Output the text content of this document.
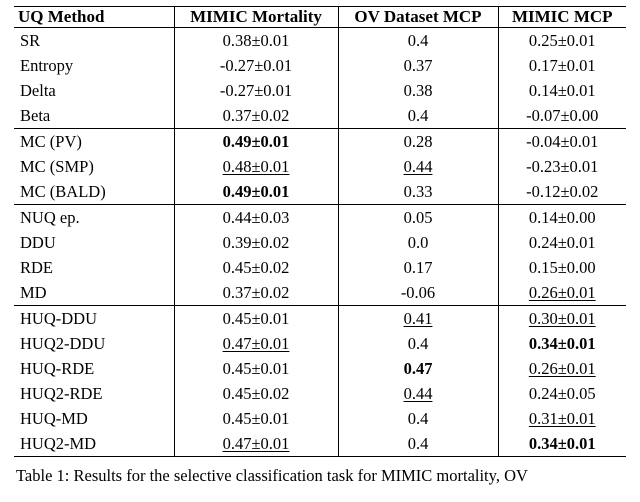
UQ Method	MIMIC Mortality	OV Dataset MCP	MIMIC MCP
SR	0.38±0.01	0.4	0.25±0.01
Entropy	-0.27±0.01	0.37	0.17±0.01
Delta	-0.27±0.01	0.38	0.14±0.01
Beta	0.37±0.02	0.4	-0.07±0.00
MC (PV)	0.49±0.01	0.28	-0.04±0.01
MC (SMP)	0.48±0.01	0.44	-0.23±0.01
MC (BALD)	0.49±0.01	0.33	-0.12±0.02
NUQ ep.	0.44±0.03	0.05	0.14±0.00
DDU	0.39±0.02	0.0	0.24±0.01
RDE	0.45±0.02	0.17	0.15±0.00
MD	0.37±0.02	-0.06	0.26±0.01
HUQ-DDU	0.45±0.01	0.41	0.30±0.01
HUQ2-DDU	0.47±0.01	0.4	0.34±0.01
HUQ-RDE	0.45±0.01	0.47	0.26±0.01
HUQ2-RDE	0.45±0.02	0.44	0.24±0.05
HUQ-MD	0.45±0.01	0.4	0.31±0.01
HUQ2-MD	0.47±0.01	0.4	0.34±0.01
Table 1: Results for the selective classification task for MIMIC mortality, OV
